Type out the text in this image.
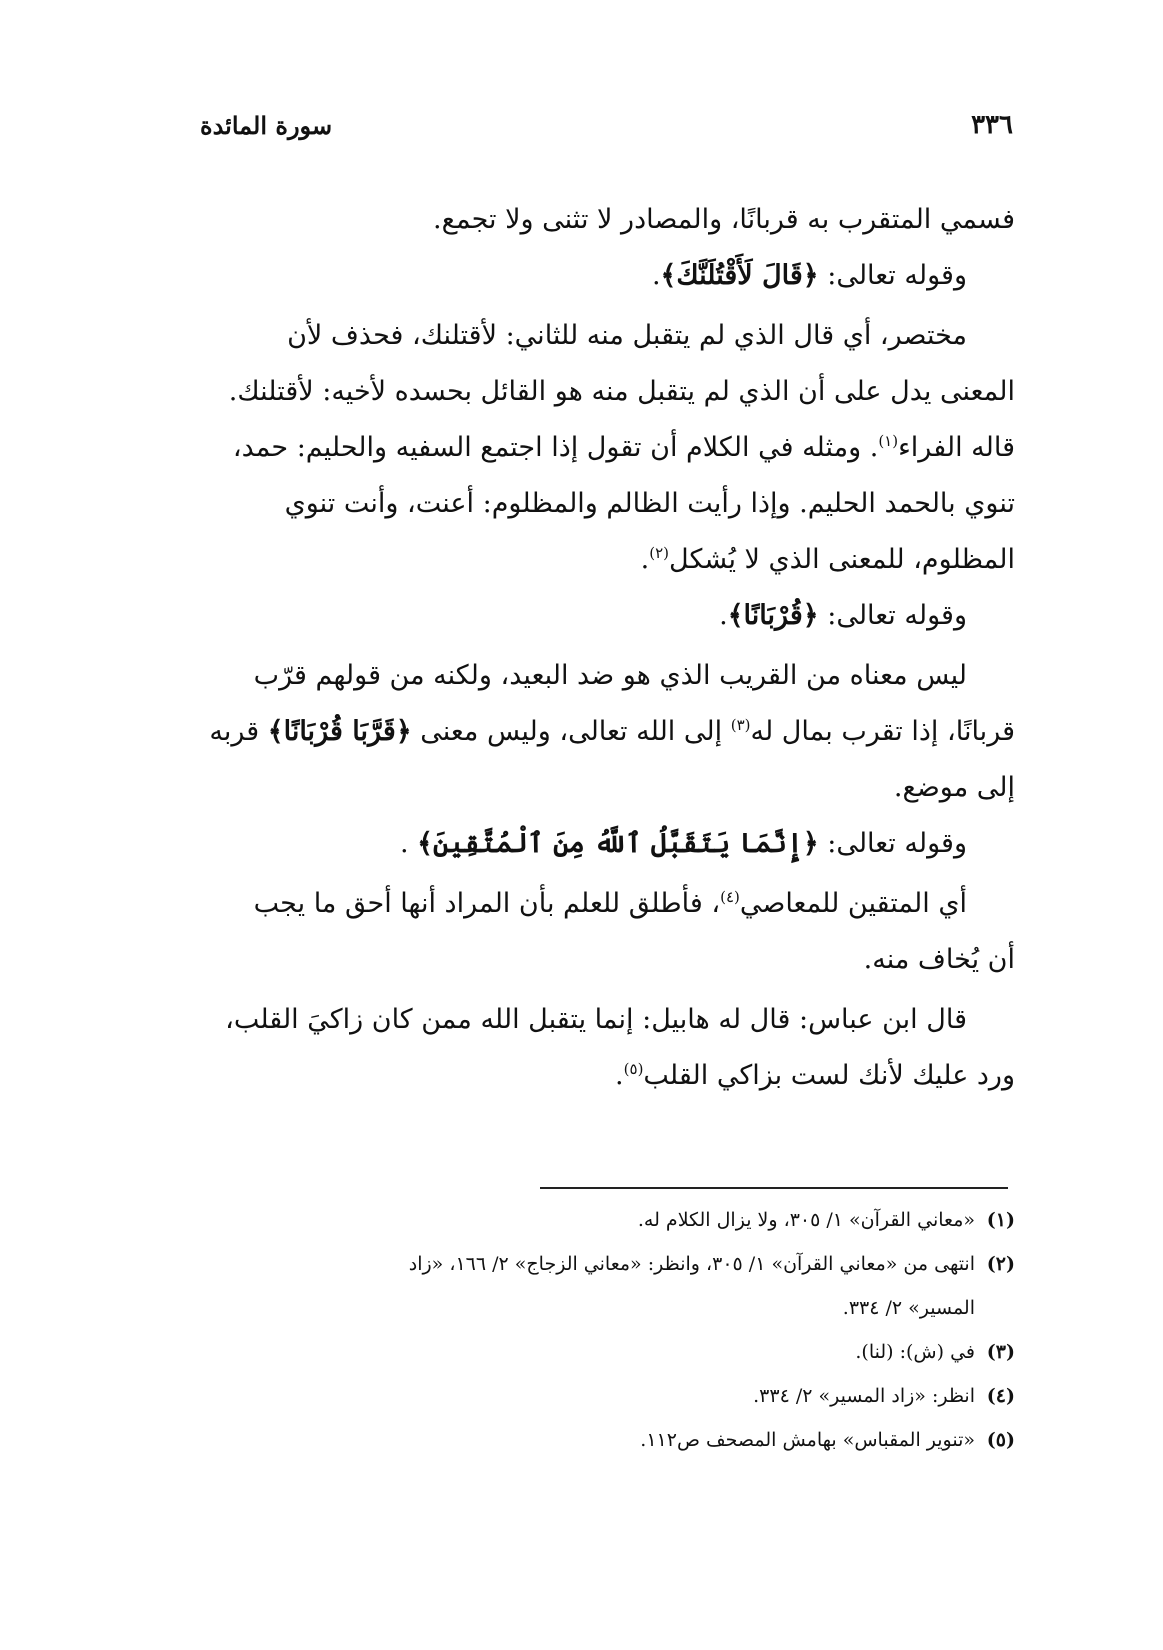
٣٣٦
سورة المائدة
فسمي المتقرب به قربانًا، والمصادر لا تثنى ولا تجمع.
وقوله تعالى: ﴿قَالَ لَأَقْتُلَنَّكَ﴾.
مختصر، أي قال الذي لم يتقبل منه للثاني: لأقتلنك، فحذف لأن
المعنى يدل على أن الذي لم يتقبل منه هو القائل بحسده لأخيه: لأقتلنك.
قاله الفراء$^{(١)}$. ومثله في الكلام أن تقول إذا اجتمع السفيه والحليم: حمد،
تنوي بالحمد الحليم. وإذا رأيت الظالم والمظلوم: أعنت، وأنت تنوي
المظلوم، للمعنى الذي لا يُشكل$^{(٢)}$.
وقوله تعالى: ﴿قُرْبَانًا﴾.
ليس معناه من القريب الذي هو ضد البعيد، ولكنه من قولهم قرّب
قربانًا، إذا تقرب بمال له$^{(٣)}$ إلى الله تعالى، وليس معنى ﴿قَرَّبَا قُرْبَانًا﴾ قربه
إلى موضع.
وقوله تعالى: ﴿إِنَّمَا يَتَقَبَّلُ ٱللَّهُ مِنَ ٱلْمُتَّقِينَ﴾ .
أي المتقين للمعاصي$^{(٤)}$، فأطلق للعلم بأن المراد أنها أحق ما يجب
أن يُخاف منه.
قال ابن عباس: قال له هابيل: إنما يتقبل الله ممن كان زاكيَ القلب،
ورد عليك لأنك لست بزاكي القلب$^{(٥)}$.
(١)
«معاني القرآن» ١/ ٣٠٥، ولا يزال الكلام له.
(٢)
انتهى من «معاني القرآن» ١/ ٣٠٥، وانظر: «معاني الزجاج» ٢/ ١٦٦، «زاد
المسير» ٢/ ٣٣٤.
(٣)
في (ش): (لنا).
(٤)
انظر: «زاد المسير» ٢/ ٣٣٤.
(٥)
«تنوير المقباس» بهامش المصحف ص١١٢.
